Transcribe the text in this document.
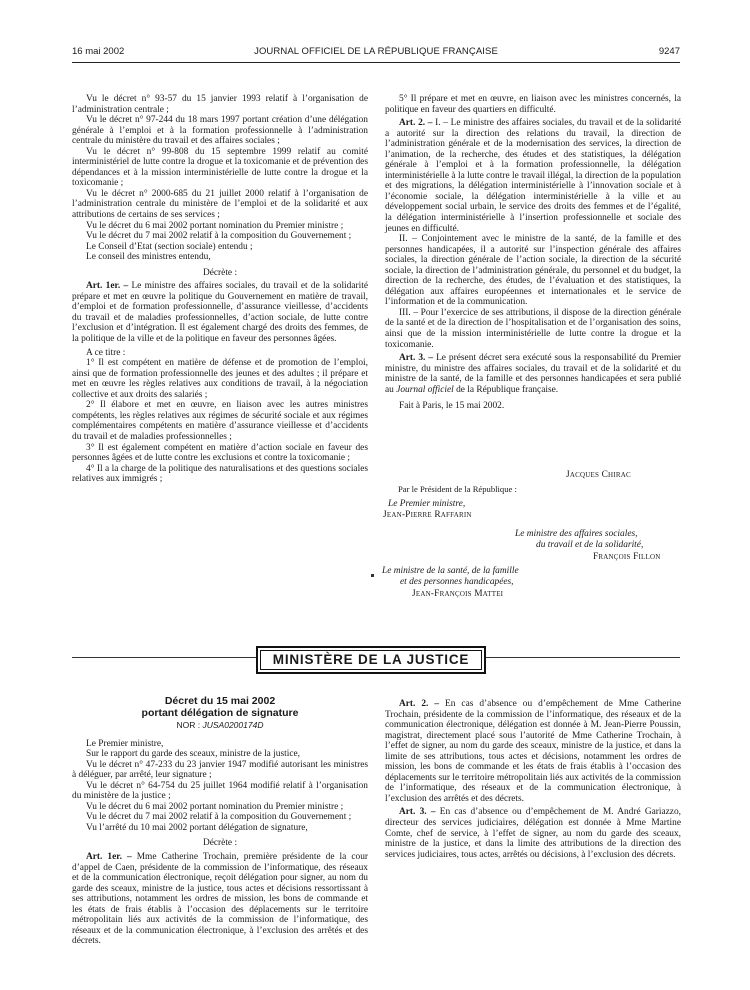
16 mai 2002	JOURNAL OFFICIEL DE LA RÉPUBLIQUE FRANÇAISE	9247

Vu le décret n° 93-57 du 15 janvier 1993 relatif à l’organisation de l’administration centrale ;

Vu le décret n° 97-244 du 18 mars 1997 portant création d’une délégation générale à l’emploi et à la formation professionnelle à l’administration centrale du ministère du travail et des affaires sociales ;

Vu le décret n° 99-808 du 15 septembre 1999 relatif au comité interministériel de lutte contre la drogue et la toxicomanie et de prévention des dépendances et à la mission interministérielle de lutte contre la drogue et la toxicomanie ;

Vu le décret n° 2000-685 du 21 juillet 2000 relatif à l’organisation de l’administration centrale du ministère de l’emploi et de la solidarité et aux attributions de certains de ses services ;

Vu le décret du 6 mai 2002 portant nomination du Premier ministre ;

Vu le décret du 7 mai 2002 relatif à la composition du Gouvernement ;

Le Conseil d’Etat (section sociale) entendu ;

Le conseil des ministres entendu,

Décrète :

Art. 1er. – Le ministre des affaires sociales, du travail et de la solidarité prépare et met en œuvre la politique du Gouvernement en matière de travail, d’emploi et de formation professionnelle, d’assurance vieillesse, d’accidents du travail et de maladies professionnelles, d’action sociale, de lutte contre l’exclusion et d’intégration. Il est également chargé des droits des femmes, de la politique de la ville et de la politique en faveur des personnes âgées.

A ce titre :

1° Il est compétent en matière de défense et de promotion de l’emploi, ainsi que de formation professionnelle des jeunes et des adultes ; il prépare et met en œuvre les règles relatives aux conditions de travail, à la négociation collective et aux droits des salariés ;

2° Il élabore et met en œuvre, en liaison avec les autres ministres compétents, les règles relatives aux régimes de sécurité sociale et aux régimes complémentaires compétents en matière d’assurance vieillesse et d’accidents du travail et de maladies professionnelles ;

3° Il est également compétent en matière d’action sociale en faveur des personnes âgées et de lutte contre les exclusions et contre la toxicomanie ;

4° Il a la charge de la politique des naturalisations et des questions sociales relatives aux immigrés ;

5° Il prépare et met en œuvre, en liaison avec les ministres concernés, la politique en faveur des quartiers en difficulté.

Art. 2. – I. – Le ministre des affaires sociales, du travail et de la solidarité a autorité sur la direction des relations du travail, la direction de l’administration générale et de la modernisation des services, la direction de l’animation, de la recherche, des études et des statistiques, la délégation générale à l’emploi et à la formation professionnelle, la délégation interministérielle à la lutte contre le travail illégal, la direction de la population et des migrations, la délégation interministérielle à l’innovation sociale et à l’économie sociale, la délégation interministérielle à la ville et au développement social urbain, le service des droits des femmes et de l’égalité, la délégation interministérielle à l’insertion professionnelle et sociale des jeunes en difficulté.

II. – Conjointement avec le ministre de la santé, de la famille et des personnes handicapées, il a autorité sur l’inspection générale des affaires sociales, la direction générale de l’action sociale, la direction de la sécurité sociale, la direction de l’administration générale, du personnel et du budget, la direction de la recherche, des études, de l’évaluation et des statistiques, la délégation aux affaires européennes et internationales et le service de l’information et de la communication.

III. – Pour l’exercice de ses attributions, il dispose de la direction générale de la santé et de la direction de l’hospitalisation et de l’organisation des soins, ainsi que de la mission interministérielle de lutte contre la drogue et la toxicomanie.

Art. 3. – Le présent décret sera exécuté sous la responsabilité du Premier ministre, du ministre des affaires sociales, du travail et de la solidarité et du ministre de la santé, de la famille et des personnes handicapées et sera publié au Journal officiel de la République française.

Fait à Paris, le 15 mai 2002.

Jacques Chirac
Par le Président de la République :
Le Premier ministre,
Jean-Pierre Raffarin
Le ministre des affaires sociales,
du travail et de la solidarité,
François Fillon
Le ministre de la santé, de la famille
et des personnes handicapées,
Jean-François Mattei
MINISTÈRE DE LA JUSTICE
Décret du 15 mai 2002
portant délégation de signature
NOR : JUSA0200174D

Le Premier ministre,

Sur le rapport du garde des sceaux, ministre de la justice,

Vu le décret n° 47-233 du 23 janvier 1947 modifié autorisant les ministres à déléguer, par arrêté, leur signature ;

Vu le décret n° 64-754 du 25 juillet 1964 modifié relatif à l’organisation du ministère de la justice ;

Vu le décret du 6 mai 2002 portant nomination du Premier ministre ;

Vu le décret du 7 mai 2002 relatif à la composition du Gouvernement ;

Vu l’arrêté du 10 mai 2002 portant délégation de signature,

Décrète :

Art. 1er. – Mme Catherine Trochain, première présidente de la cour d’appel de Caen, présidente de la commission de l’informatique, des réseaux et de la communication électronique, reçoit délégation pour signer, au nom du garde des sceaux, ministre de la justice, tous actes et décisions ressortissant à ses attributions, notamment les ordres de mission, les bons de commande et les états de frais établis à l’occasion des déplacements sur le territoire métropolitain liés aux activités de la commission de l’informatique, des réseaux et de la communication électronique, à l’exclusion des arrêtés et des décrets.

Art. 2. – En cas d’absence ou d’empêchement de Mme Catherine Trochain, présidente de la commission de l’informatique, des réseaux et de la communication électronique, délégation est donnée à M. Jean-Pierre Poussin, magistrat, directement placé sous l’autorité de Mme Catherine Trochain, à l’effet de signer, au nom du garde des sceaux, ministre de la justice, et dans la limite de ses attributions, tous actes et décisions, notamment les ordres de mission, les bons de commande et les états de frais établis à l’occasion des déplacements sur le territoire métropolitain liés aux activités de la commission de l’informatique, des réseaux et de la communication électronique, à l’exclusion des arrêtés et des décrets.

Art. 3. – En cas d’absence ou d’empêchement de M. André Gariazzo, directeur des services judiciaires, délégation est donnée à Mme Martine Comte, chef de service, à l’effet de signer, au nom du garde des sceaux, ministre de la justice, et dans la limite des attributions de la direction des services judiciaires, tous actes, arrêtés ou décisions, à l’exclusion des décrets.
